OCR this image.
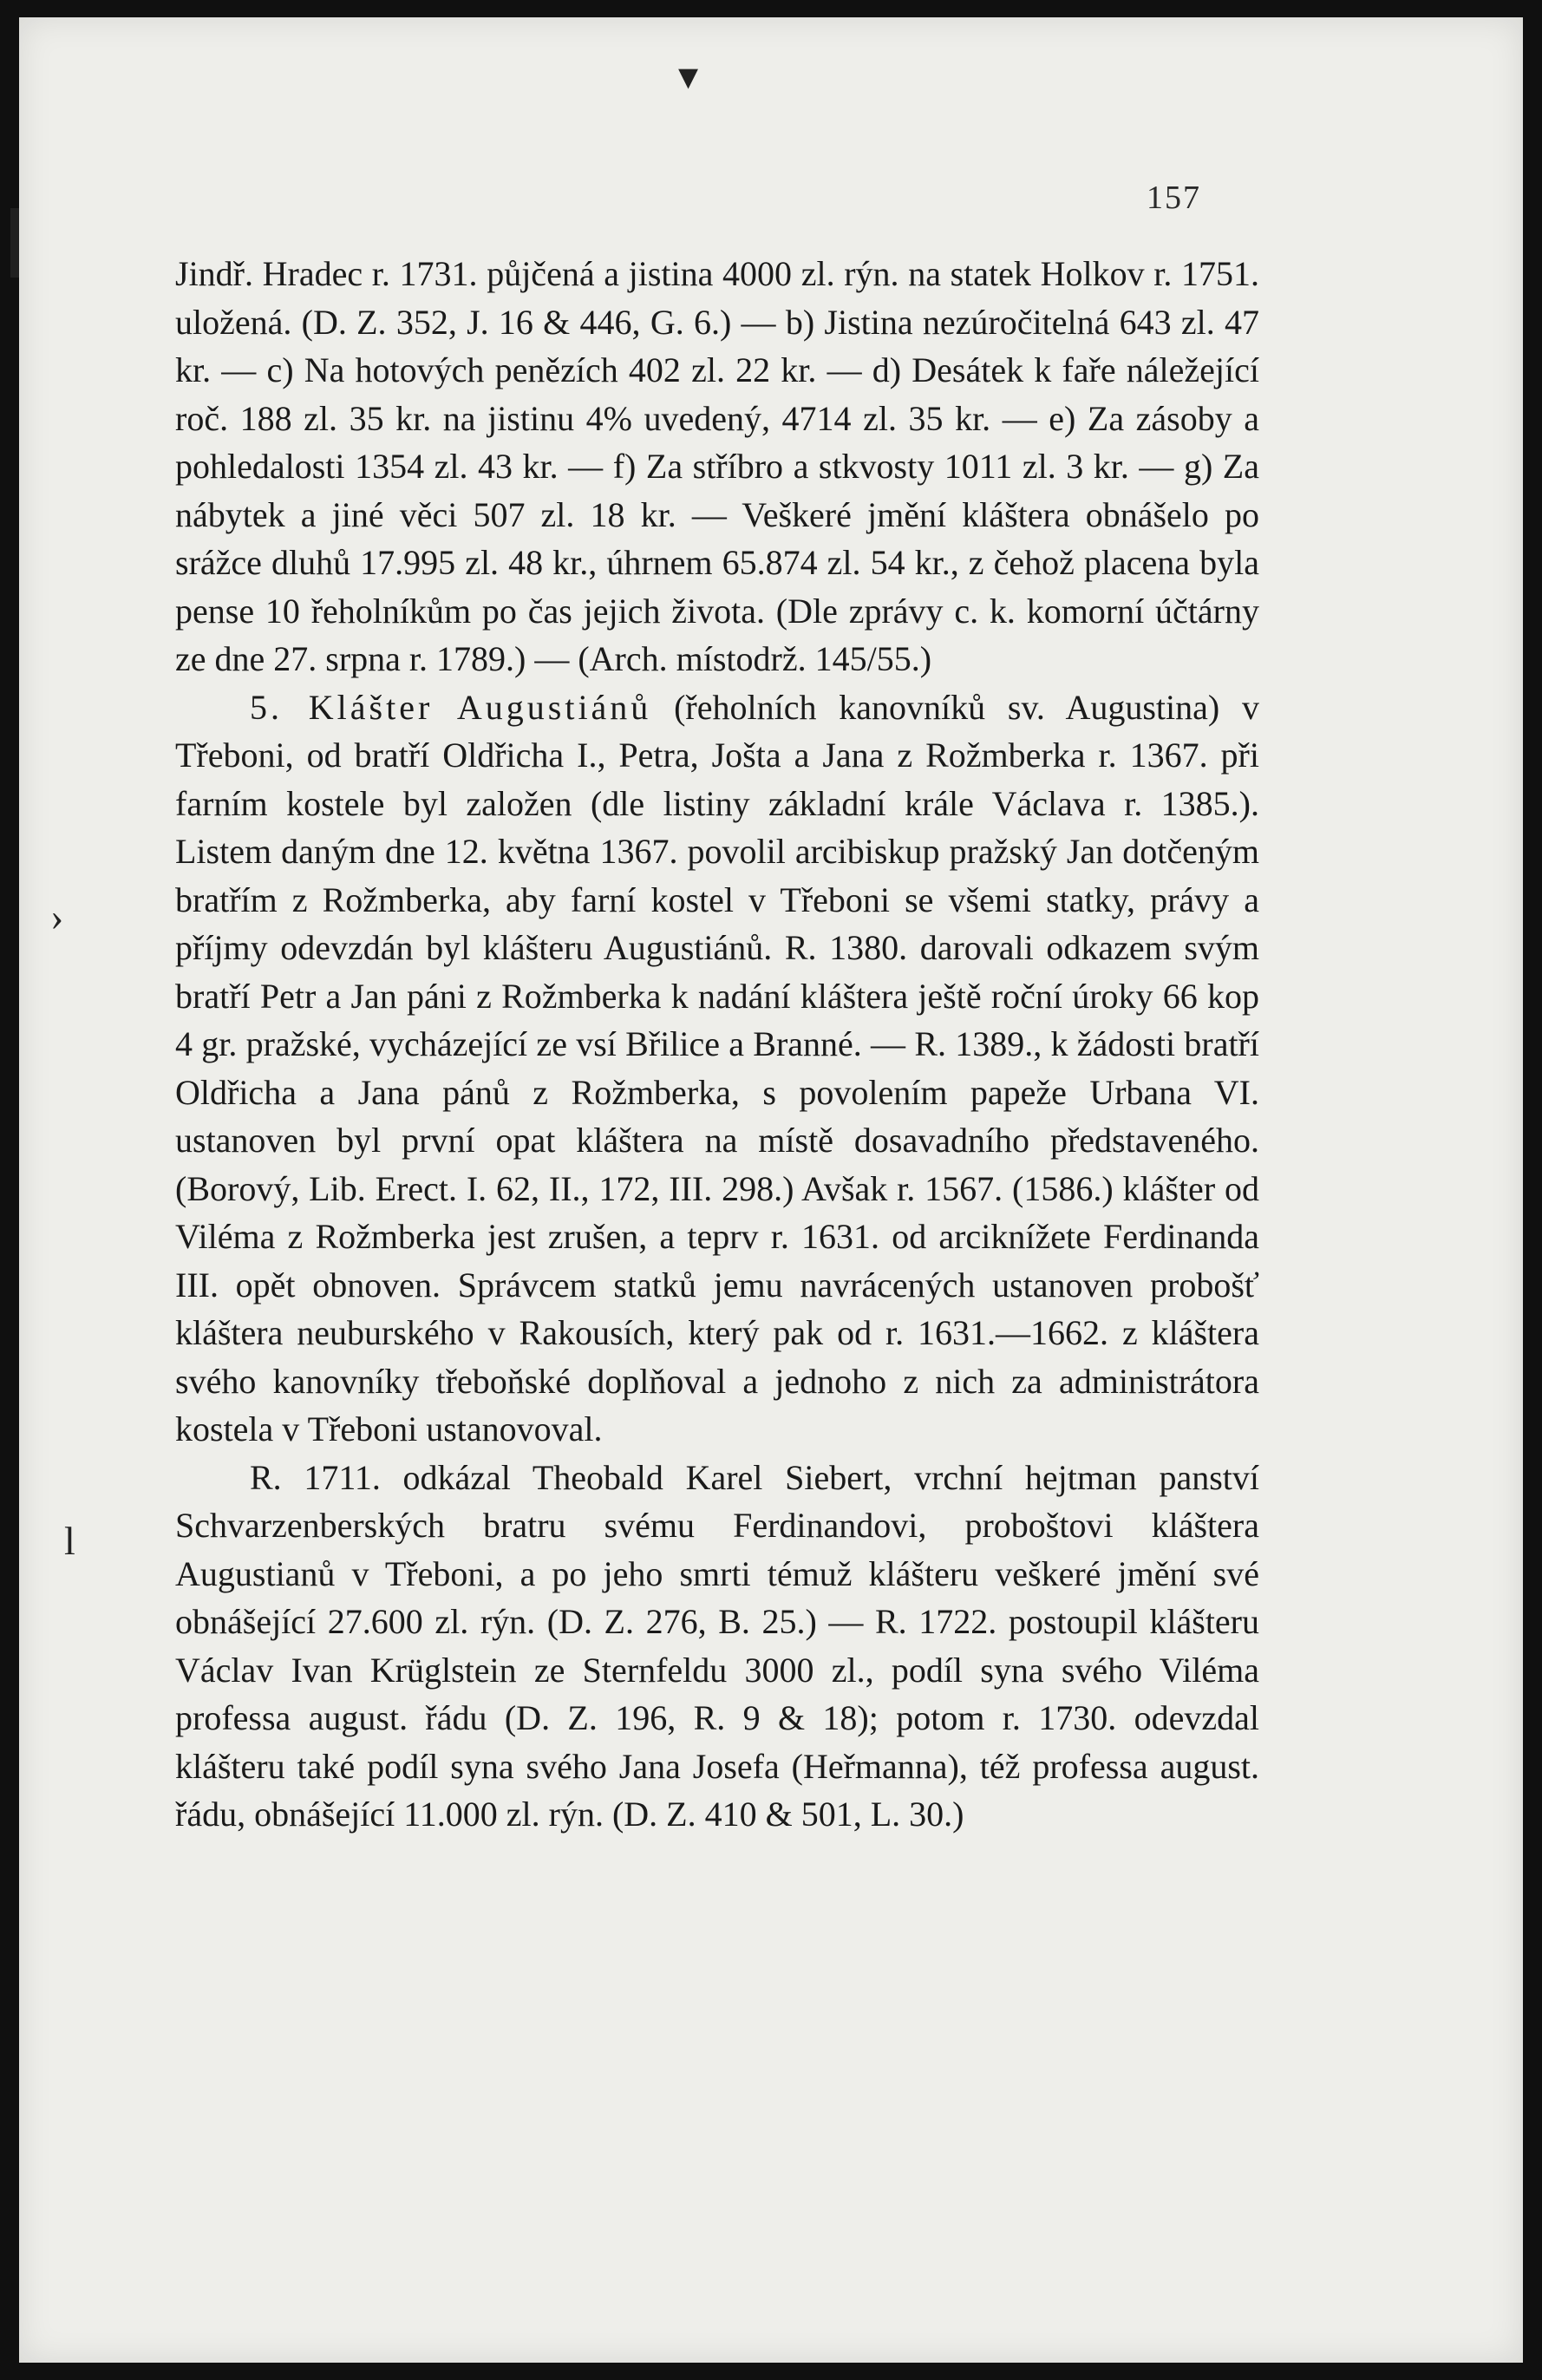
▾
›
l
157

Jindř. Hradec r. 1731. půjčená a jistina 4000 zl. rýn. na statek Holkov r. 1751. uložená. (D. Z. 352, J. 16 & 446, G. 6.) — b) Jistina nezúročitelná 643 zl. 47 kr. — c) Na hotových penězích 402 zl. 22 kr. — d) Desátek k faře náležející roč. 188 zl. 35 kr. na jistinu 4% uvedený, 4714 zl. 35 kr. — e) Za zásoby a pohledalosti 1354 zl. 43 kr. — f) Za stříbro a stkvosty 1011 zl. 3 kr. — g) Za nábytek a jiné věci 507 zl. 18 kr. — Veškeré jmění kláštera obnášelo po srážce dluhů 17.995 zl. 48 kr., úhrnem 65.874 zl. 54 kr., z čehož placena byla pense 10 řeholníkům po čas jejich života. (Dle zprávy c. k. komorní účtárny ze dne 27. srpna r. 1789.) — (Arch. místodrž. 145/55.)

5. Klášter Augustiánů (řeholních kanovníků sv. Augustina) v Třeboni, od bratří Oldřicha I., Petra, Jošta a Jana z Rožmberka r. 1367. při farním kostele byl založen (dle listiny základní krále Václava r. 1385.). Listem daným dne 12. května 1367. povolil arcibiskup pražský Jan dotčeným bratřím z Rožmberka, aby farní kostel v Třeboni se všemi statky, právy a příjmy odevzdán byl klášteru Augustiánů. R. 1380. darovali odkazem svým bratří Petr a Jan páni z Rožmberka k nadání kláštera ještě roční úroky 66 kop 4 gr. pražské, vycházející ze vsí Břilice a Branné. — R. 1389., k žádosti bratří Oldřicha a Jana pánů z Rožmberka, s povolením papeže Urbana VI. ustanoven byl první opat kláštera na místě dosavadního představeného. (Borový, Lib. Erect. I. 62, II., 172, III. 298.) Avšak r. 1567. (1586.) klášter od Viléma z Rožmberka jest zrušen, a teprv r. 1631. od arciknížete Ferdinanda III. opět obnoven. Správcem statků jemu navrácených ustanoven probošť kláštera neuburského v Rakousích, který pak od r. 1631.—1662. z kláštera svého kanovníky třeboňské doplňoval a jednoho z nich za administrátora kostela v Třeboni ustanovoval.

R. 1711. odkázal Theobald Karel Siebert, vrchní hejtman panství Schvarzenberských bratru svému Ferdinandovi, proboštovi kláštera Augustianů v Třeboni, a po jeho smrti témuž klášteru veškeré jmění své obnášející 27.600 zl. rýn. (D. Z. 276, B. 25.) — R. 1722. postoupil klášteru Václav Ivan Krüglstein ze Sternfeldu 3000 zl., podíl syna svého Viléma professa august. řádu (D. Z. 196, R. 9 & 18); potom r. 1730. odevzdal klášteru také podíl syna svého Jana Josefa (Heřmanna), též professa august. řádu, obnášející 11.000 zl. rýn. (D. Z. 410 & 501, L. 30.)
